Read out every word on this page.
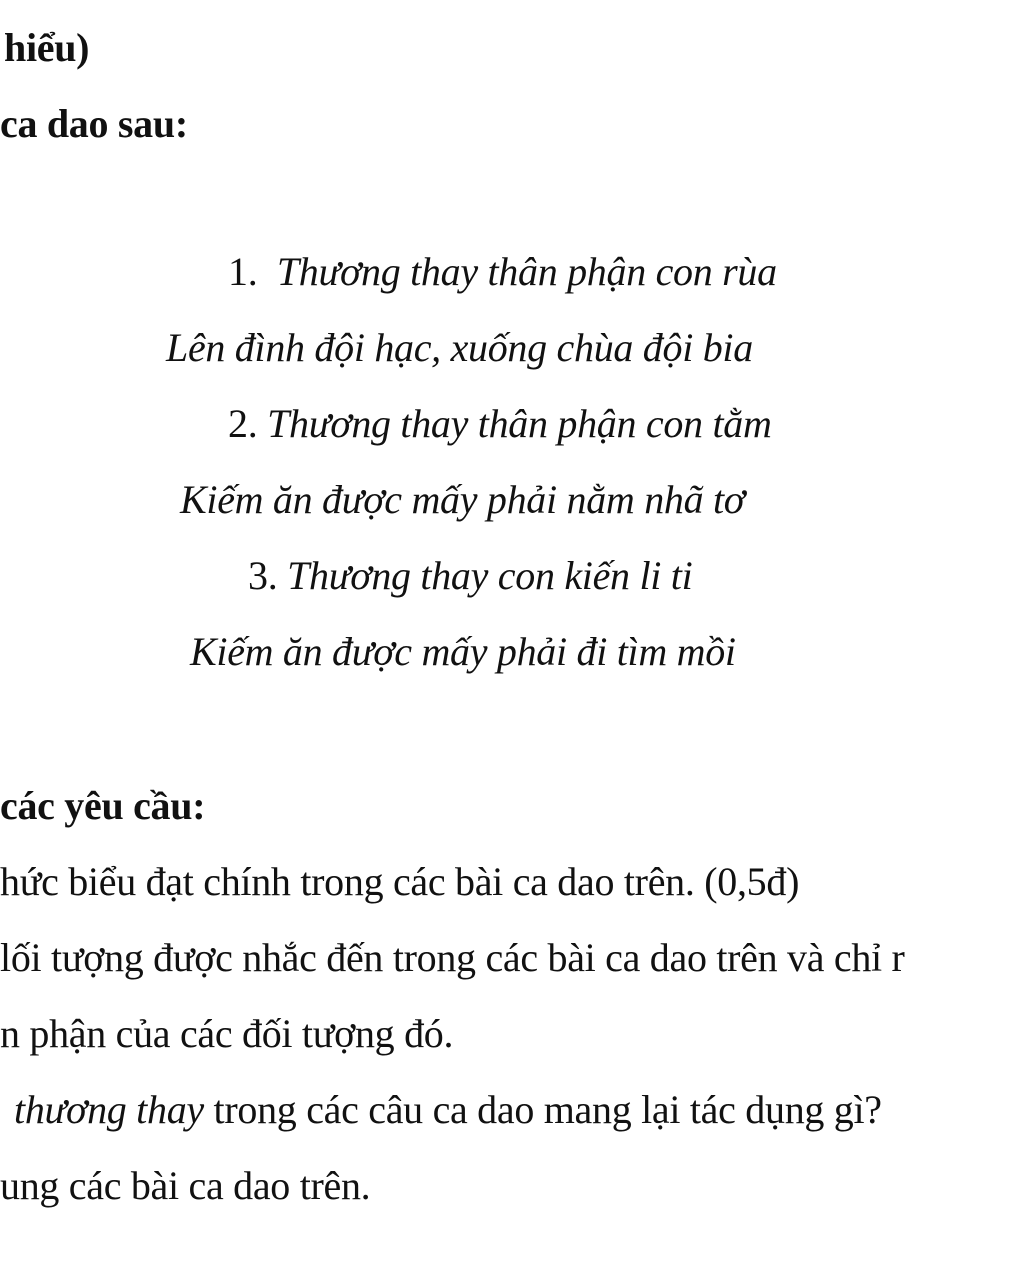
hiểu)
ca dao sau:
1. Thương thay thân phận con rùa
Lên đình đội hạc, xuống chùa đội bia
2. Thương thay thân phận con tằm
Kiếm ăn được mấy phải nằm nhã tơ
3. Thương thay con kiến li ti
Kiếm ăn được mấy phải đi tìm mồi
các yêu cầu:
hức biểu đạt chính trong các bài ca dao trên. (0,5đ)
lối tượng được nhắc đến trong các bài ca dao trên và chỉ r
n phận của các đối tượng đó.
thương thay trong các câu ca dao mang lại tác dụng gì?
ung các bài ca dao trên.
